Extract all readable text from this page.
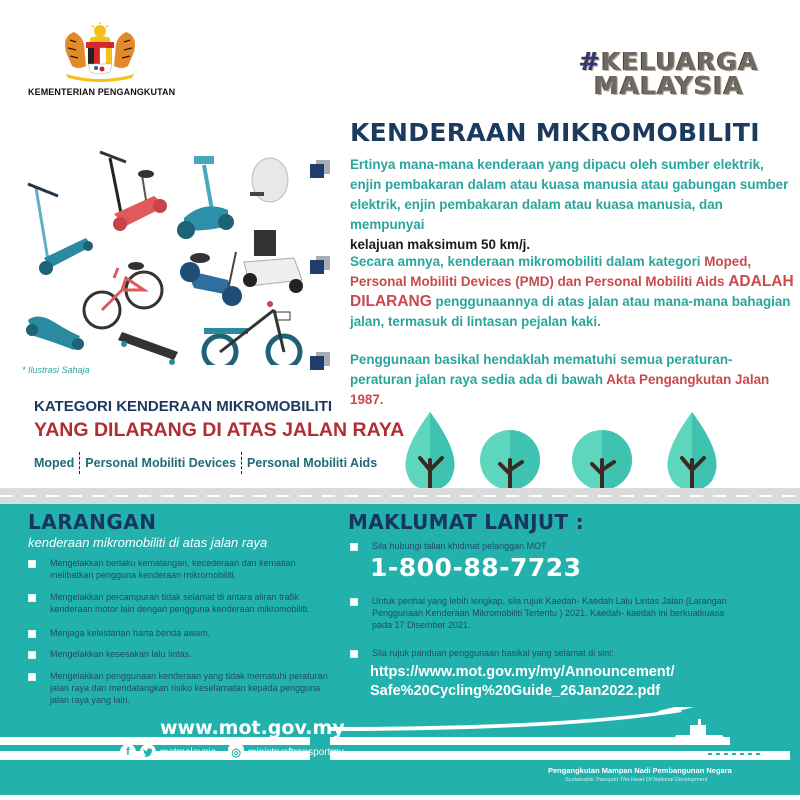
KEMENTERIAN PENGANGKUTAN
#KELUARGA
MALAYSIA
KENDERAAN MIKROMOBILITI
Ertinya mana-mana kenderaan yang dipacu oleh sumber elektrik, enjin pembakaran dalam atau kuasa manusia atau gabungan sumber elektrik, enjin pembakaran dalam atau kuasa manusia, dan mempunyai
kelajuan maksimum 50 km/j.
Secara amnya, kenderaan mikromobiliti dalam kategori Moped, Personal Mobiliti Devices (PMD) dan Personal Mobiliti Aids ADALAH DILARANG penggunaannya di atas jalan atau mana-mana bahagian jalan, termasuk di lintasan pejalan kaki.
Penggunaan basikal hendaklah mematuhi semua peraturan- peraturan jalan raya sedia ada di bawah Akta Pengangkutan Jalan 1987.
* Ilustrasi Sahaja
KATEGORI KENDERAAN MIKROMOBILITI
YANG DILARANG DI ATAS JALAN RAYA
Moped Personal Mobiliti Devices Personal Mobiliti Aids
LARANGAN
kenderaan mikromobiliti di atas jalan raya
Mengelakkan berlaku kemalangan, kecederaan dan kematian melibatkan pengguna kenderaan mikromobiliti.
Mengelakkan percampuran tidak selamat di antara aliran trafik kenderaan motor lain dengan pengguna kenderaan mikromobiliti.
Menjaga kelestarian harta benda awam.
Mengelakkan kesesakan lalu lintas.
Mengelakkan penggunaan kenderaan yang tidak mematuhi peraturan jalan raya dan mendatangkan risiko keselamatan kepada pengguna jalan raya yang lain.
MAKLUMAT LANJUT :
Sila hubungi talian khidmat pelanggan MOT
1-800-88-7723
Untuk perihal yang lebih lengkap, sila rujuk Kaedah- Kaedah Lalu Lintas Jalan (Larangan Penggunaan Kenderaan Mikromobiliti Tertentu ) 2021. Kaedah- kaedah ini berkuatkuasa pada 17 Disember 2021.
Sila rujuk panduan penggunaan basikal yang selamat di sini:
https://www.mot.gov.my/my/Announcement/
Safe%20Cycling%20Guide_26Jan2022.pdf
www.mot.gov.my
f	motmalaysia ◎ ministryoftransportmy
Pengangkutan Mampan Nadi Pembangunan Negara
Sustainable Transport The Heart Of National Development
